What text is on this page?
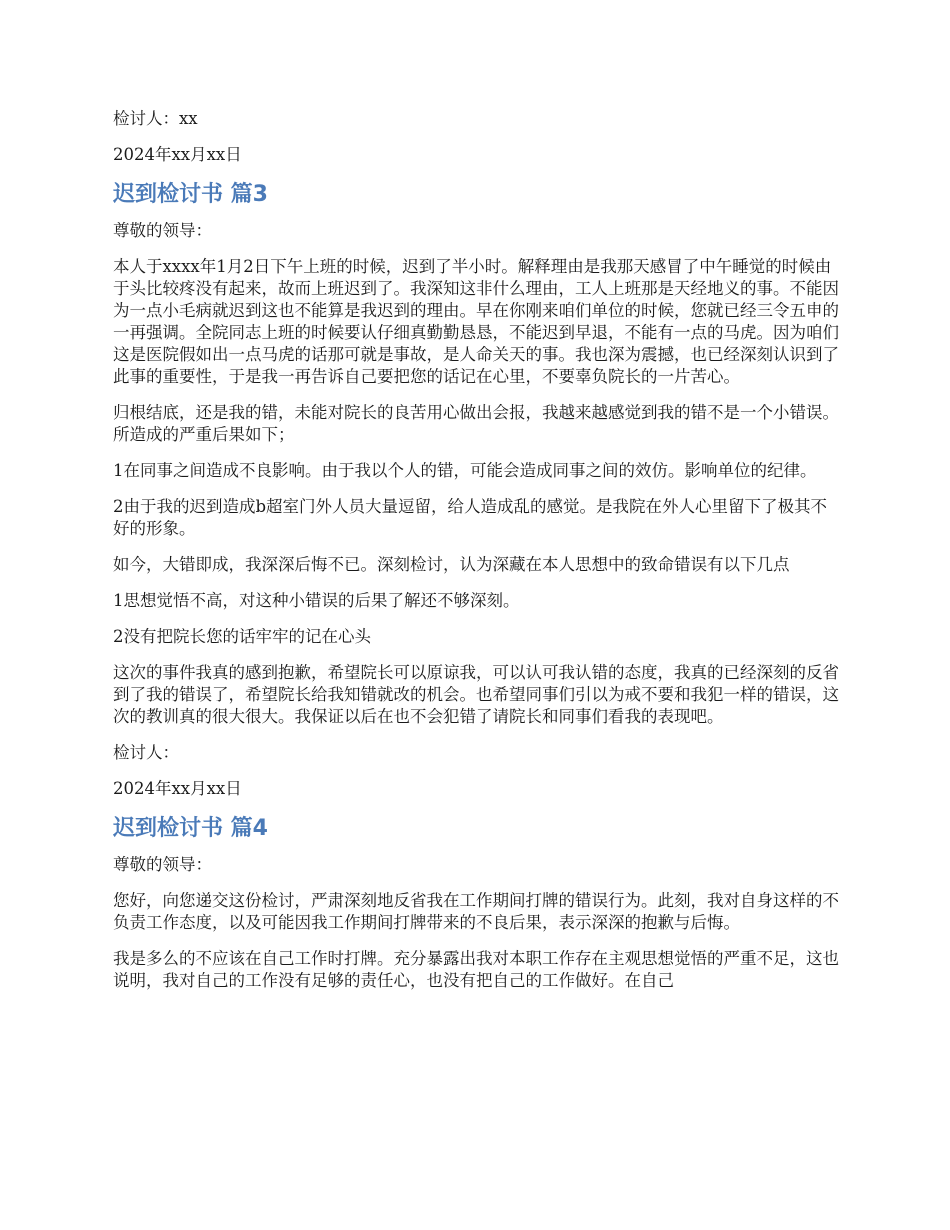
检讨人：xx

2024年xx月xx日

迟到检讨书 篇3

尊敬的领导：

本人于xxxx年1月2日下午上班的时候，迟到了半小时。解释理由是我那天感冒了中午睡觉的时候由于头比较疼没有起来，故而上班迟到了。我深知这非什么理由，工人上班那是天经地义的事。不能因为一点小毛病就迟到这也不能算是我迟到的理由。早在你刚来咱们单位的时候，您就已经三令五申的一再强调。全院同志上班的时候要认仔细真勤勤恳恳，不能迟到早退，不能有一点的马虎。因为咱们这是医院假如出一点马虎的话那可就是事故，是人命关天的事。我也深为震撼，也已经深刻认识到了此事的重要性，于是我一再告诉自己要把您的话记在心里，不要辜负院长的一片苦心。

归根结底，还是我的错，未能对院长的良苦用心做出会报，我越来越感觉到我的错不是一个小错误。所造成的严重后果如下；

1在同事之间造成不良影响。由于我以个人的错，可能会造成同事之间的效仿。影响单位的纪律。

2由于我的迟到造成b超室门外人员大量逗留，给人造成乱的感觉。是我院在外人心里留下了极其不好的形象。

如今，大错即成，我深深后悔不已。深刻检讨，认为深藏在本人思想中的致命错误有以下几点

1思想觉悟不高，对这种小错误的后果了解还不够深刻。

2没有把院长您的话牢牢的记在心头

这次的事件我真的感到抱歉，希望院长可以原谅我，可以认可我认错的态度，我真的已经深刻的反省到了我的错误了，希望院长给我知错就改的机会。也希望同事们引以为戒不要和我犯一样的错误，这次的教训真的很大很大。我保证以后在也不会犯错了请院长和同事们看我的表现吧。

检讨人：

2024年xx月xx日

迟到检讨书 篇4

尊敬的领导：

您好，向您递交这份检讨，严肃深刻地反省我在工作期间打牌的错误行为。此刻，我对自身这样的不负责工作态度，以及可能因我工作期间打牌带来的不良后果，表示深深的抱歉与后悔。

我是多么的不应该在自己工作时打牌。充分暴露出我对本职工作存在主观思想觉悟的严重不足，这也说明，我对自己的工作没有足够的责任心，也没有把自己的工作做好。在自己
